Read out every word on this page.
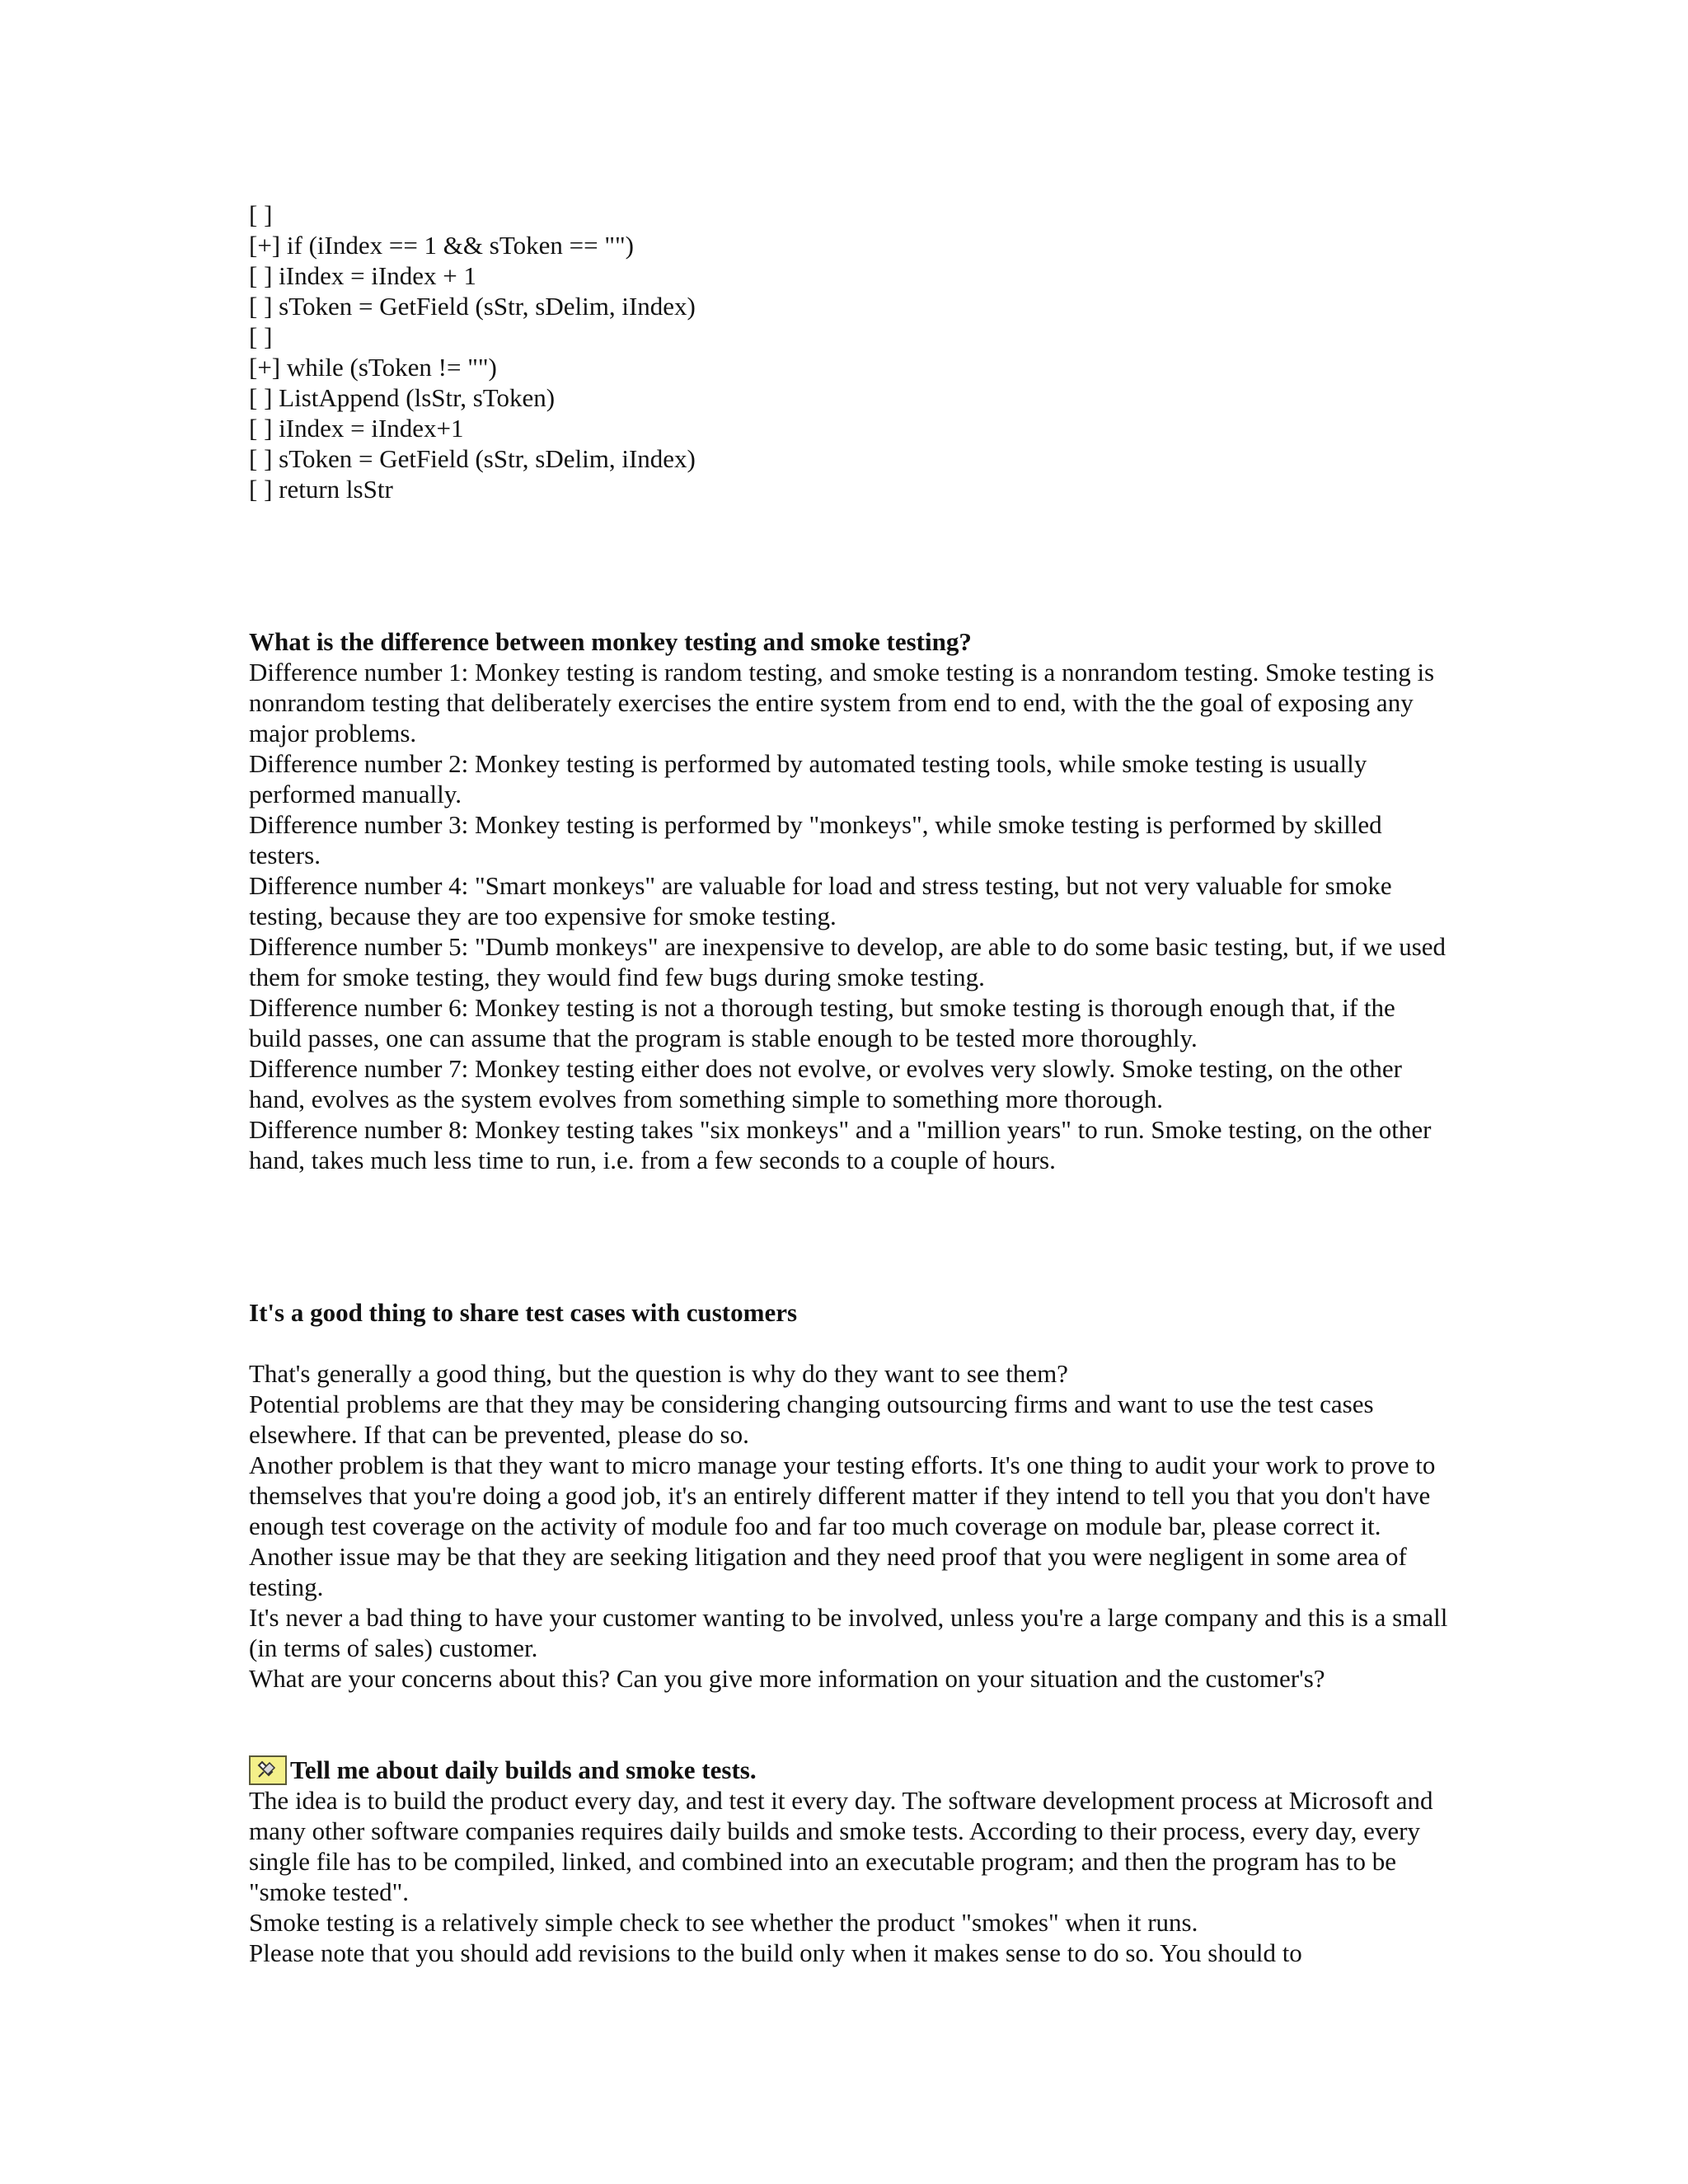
[ ]
[+] if (iIndex == 1 && sToken == "")
[ ] iIndex = iIndex + 1
[ ] sToken = GetField (sStr, sDelim, iIndex)
[ ]
[+] while (sToken != "")
[ ] ListAppend (lsStr, sToken)
[ ] iIndex = iIndex+1
[ ] sToken = GetField (sStr, sDelim, iIndex)
[ ] return lsStr
What is the difference between monkey testing and smoke testing?
Difference number 1: Monkey testing is random testing, and smoke testing is a nonrandom testing. Smoke testing is nonrandom testing that deliberately exercises the entire system from end to end, with the the goal of exposing any major problems.
Difference number 2: Monkey testing is performed by automated testing tools, while smoke testing is usually performed manually.
Difference number 3: Monkey testing is performed by "monkeys", while smoke testing is performed by skilled testers.
Difference number 4: "Smart monkeys" are valuable for load and stress testing, but not very valuable for smoke testing, because they are too expensive for smoke testing.
Difference number 5: "Dumb monkeys" are inexpensive to develop, are able to do some basic testing, but, if we used them for smoke testing, they would find few bugs during smoke testing.
Difference number 6: Monkey testing is not a thorough testing, but smoke testing is thorough enough that, if the build passes, one can assume that the program is stable enough to be tested more thoroughly.
Difference number 7: Monkey testing either does not evolve, or evolves very slowly. Smoke testing, on the other hand, evolves as the system evolves from something simple to something more thorough.
Difference number 8: Monkey testing takes "six monkeys" and a "million years" to run. Smoke testing, on the other hand, takes much less time to run, i.e. from a few seconds to a couple of hours.
It's a good thing to share test cases with customers
That's generally a good thing, but the question is why do they want to see them?
Potential problems are that they may be considering changing outsourcing firms and want to use the test cases elsewhere. If that can be prevented, please do so.
Another problem is that they want to micro manage your testing efforts. It's one thing to audit your work to prove to themselves that you're doing a good job, it's an entirely different matter if they intend to tell you that you don't have enough test coverage on the activity of module foo and far too much coverage on module bar, please correct it.
Another issue may be that they are seeking litigation and they need proof that you were negligent in some area of testing.
It's never a bad thing to have your customer wanting to be involved, unless you're a large company and this is a small (in terms of sales) customer.
What are your concerns about this? Can you give more information on your situation and the customer's?
Tell me about daily builds and smoke tests.
The idea is to build the product every day, and test it every day. The software development process at Microsoft and many other software companies requires daily builds and smoke tests. According to their process, every day, every single file has to be compiled, linked, and combined into an executable program; and then the program has to be "smoke tested".
Smoke testing is a relatively simple check to see whether the product "smokes" when it runs.
Please note that you should add revisions to the build only when it makes sense to do so. You should to
